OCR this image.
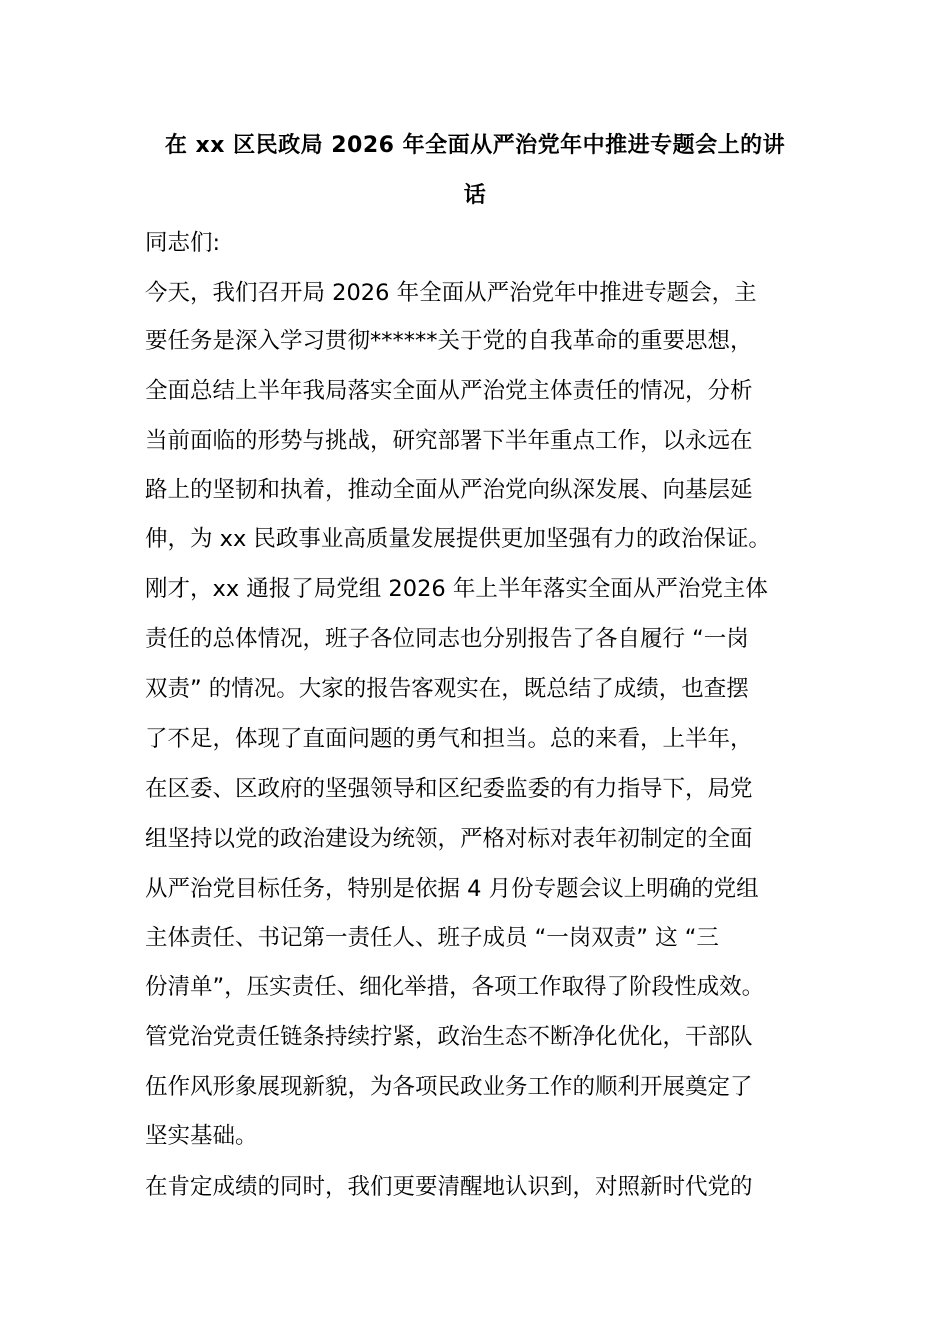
在 xx 区民政局 2026 年全面从严治党年中推进专题会上的讲
话
同志们:
今天，我们召开局 2026 年全面从严治党年中推进专题会，主
要任务是深入学习贯彻******关于党的自我革命的重要思想，
全面总结上半年我局落实全面从严治党主体责任的情况，分析
当前面临的形势与挑战，研究部署下半年重点工作，以永远在
路上的坚韧和执着，推动全面从严治党向纵深发展、向基层延
伸，为 xx 民政事业高质量发展提供更加坚强有力的政治保证。
刚才，xx 通报了局党组 2026 年上半年落实全面从严治党主体
责任的总体情况，班子各位同志也分别报告了各自履行 “一岗
双责” 的情况。大家的报告客观实在，既总结了成绩，也查摆
了不足，体现了直面问题的勇气和担当。总的来看，上半年，
在区委、区政府的坚强领导和区纪委监委的有力指导下，局党
组坚持以党的政治建设为统领，严格对标对表年初制定的全面
从严治党目标任务，特别是依据 4 月份专题会议上明确的党组
主体责任、书记第一责任人、班子成员 “一岗双责” 这 “三
份清单”，压实责任、细化举措，各项工作取得了阶段性成效。
管党治党责任链条持续拧紧，政治生态不断净化优化，干部队
伍作风形象展现新貌，为各项民政业务工作的顺利开展奠定了
坚实基础。
在肯定成绩的同时，我们更要清醒地认识到，对照新时代党的
